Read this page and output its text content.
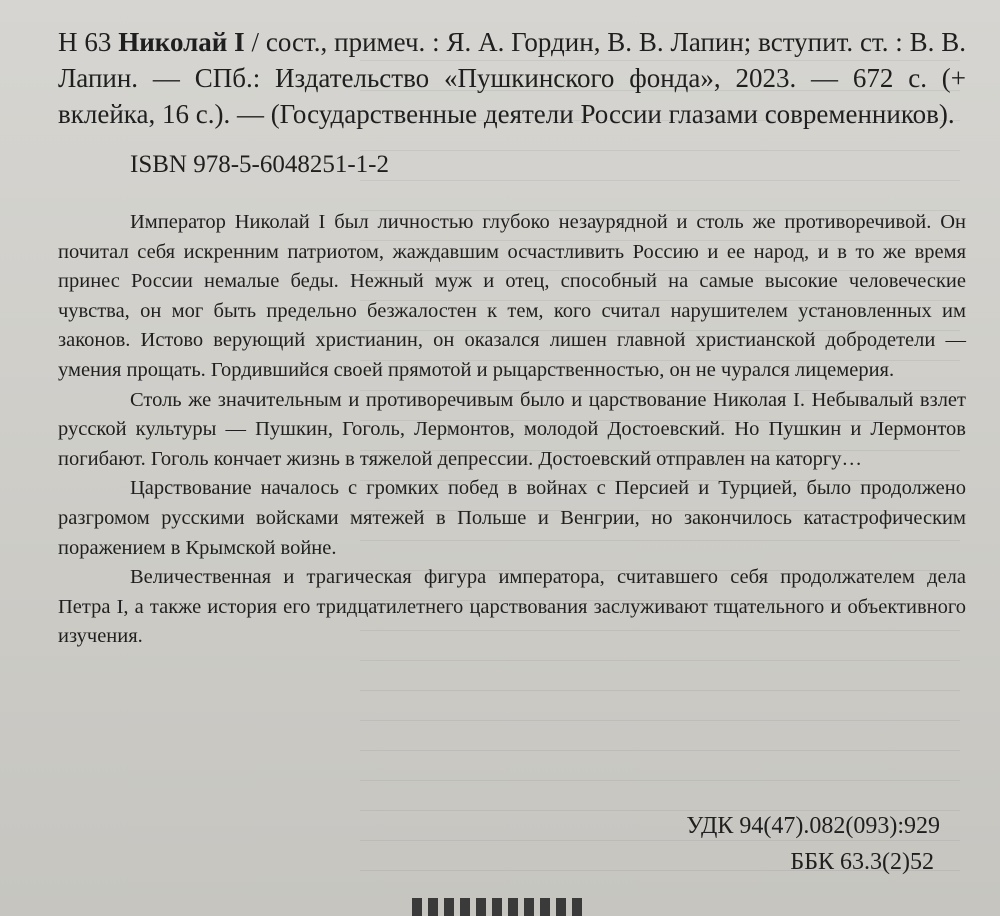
Н 63 Николай I / сост., примеч. : Я. А. Гордин, В. В. Лапин; вступит. ст. : В. В. Лапин. — СПб.: Издательство «Пушкинского фонда», 2023. — 672 с. (+ вклейка, 16 с.). — (Государственные деятели России глазами современников).

ISBN 978-5-6048251-1-2

Император Николай I был личностью глубоко незаурядной и столь же противоречивой. Он почитал себя искренним патриотом, жаждавшим осчастливить Россию и ее народ, и в то же время принес России немалые беды. Нежный муж и отец, способный на самые высокие человеческие чувства, он мог быть предельно безжалостен к тем, кого считал нарушителем установленных им законов. Истово верующий христианин, он оказался лишен главной христианской добродетели — умения прощать. Гордившийся своей прямотой и рыцарственностью, он не чурался лицемерия.

Столь же значительным и противоречивым было и царствование Николая I. Небывалый взлет русской культуры — Пушкин, Гоголь, Лермонтов, молодой Достоевский. Но Пушкин и Лермонтов погибают. Гоголь кончает жизнь в тяжелой депрессии. Достоевский отправлен на каторгу…

Царствование началось с громких побед в войнах с Персией и Турцией, было продолжено разгромом русскими войсками мятежей в Польше и Венгрии, но закончилось катастрофическим поражением в Крымской войне.

Величественная и трагическая фигура императора, считавшего себя продолжателем дела Петра I, а также история его тридцатилетнего царствования заслуживают тщательного и объективного изучения.

УДК 94(47).082(093):929
ББК 63.3(2)52
